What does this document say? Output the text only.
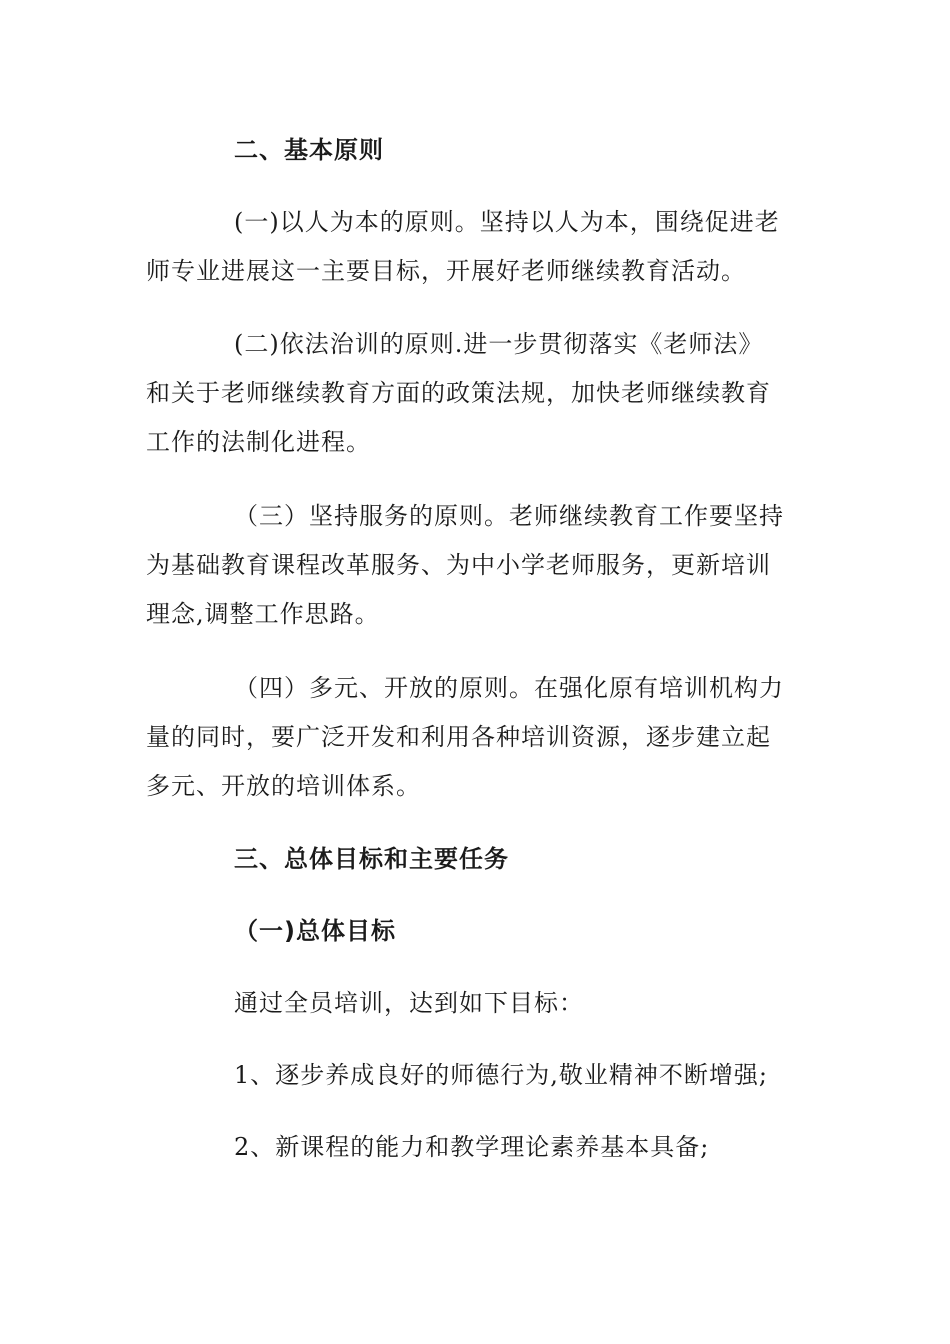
二、基本原则
(一)以人为本的原则。坚持以人为本，围绕促进老
师专业进展这一主要目标，开展好老师继续教育活动。
(二)依法治训的原则.进一步贯彻落实《老师法》
和关于老师继续教育方面的政策法规，加快老师继续教育
工作的法制化进程。
（三）坚持服务的原则。老师继续教育工作要坚持
为基础教育课程改革服务、为中小学老师服务，更新培训
理念,调整工作思路。
（四）多元、开放的原则。在强化原有培训机构力
量的同时，要广泛开发和利用各种培训资源，逐步建立起
多元、开放的培训体系。
三、总体目标和主要任务
（一)总体目标
通过全员培训，达到如下目标：
1、逐步养成良好的师德行为,敬业精神不断增强;
2、新课程的能力和教学理论素养基本具备;
